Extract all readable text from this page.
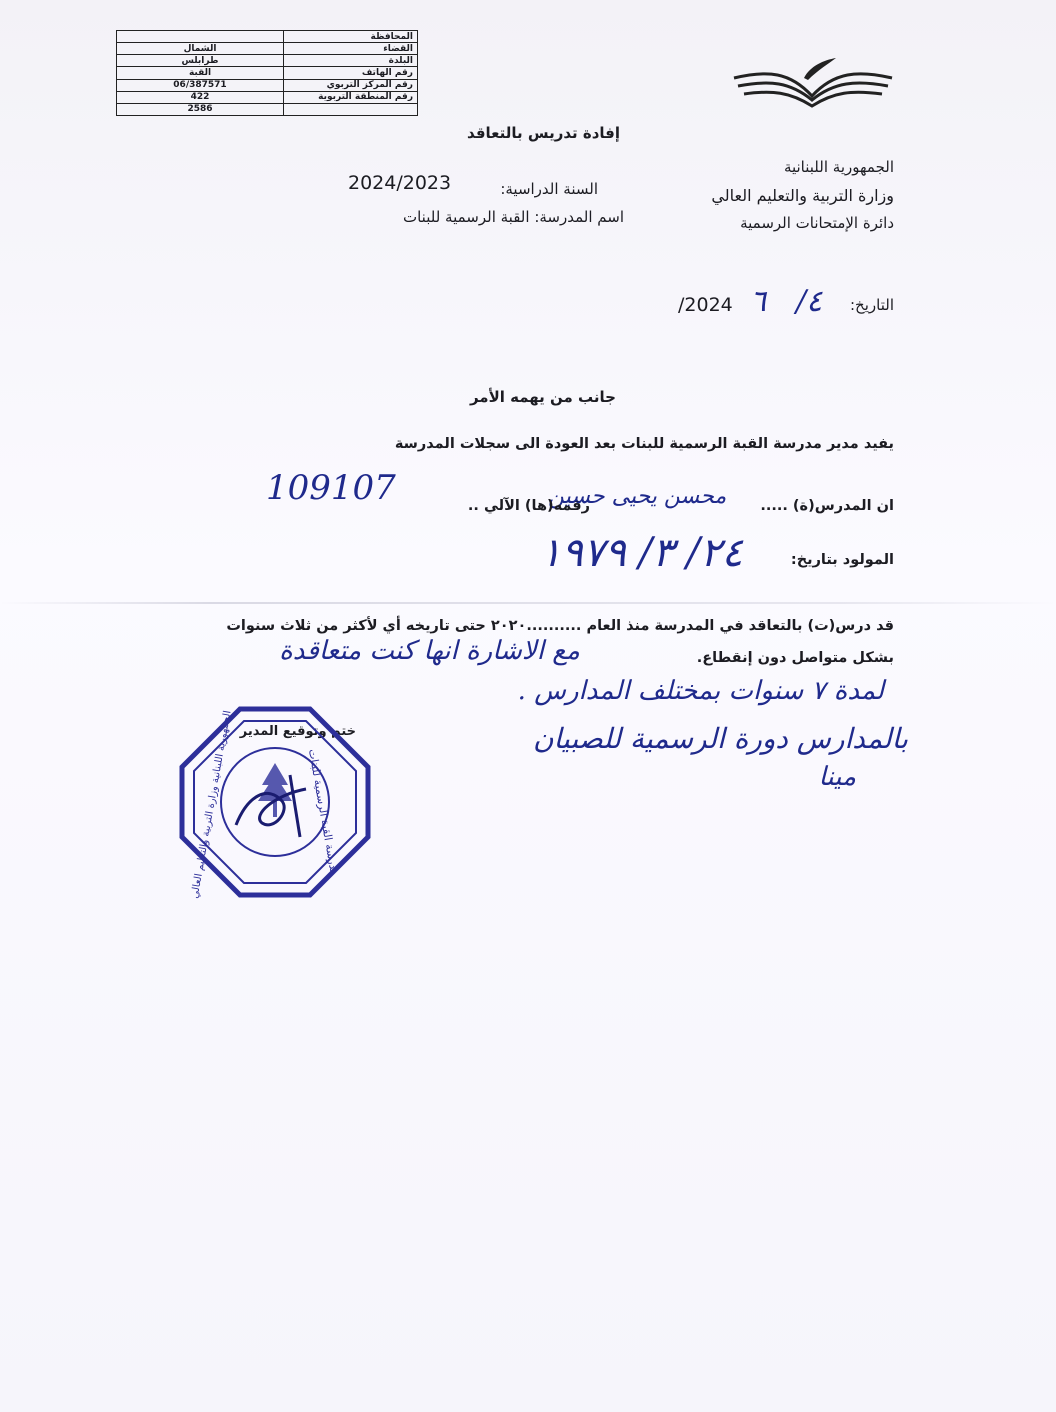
المحافظة	
القضاء	الشمال
البلدة	طرابلس
رقم الهاتف	القبة
رقم المركز التربوي	06/387571
رقم المنطقة التربوية	422
	2586
الجمهورية اللبنانية
وزارة التربية والتعليم العالي
دائرة الإمتحانات الرسمية
إفادة تدريس بالتعاقد
السنة الدراسية:
2024/2023
اسم المدرسة: القبة الرسمية للبنات
التاريخ:
/2024 ٦ ٤/
جانب من يهمه الأمر
يفيد مدير مدرسة القبة الرسمية للبنات بعد العودة الى سجلات المدرسة
ان المدرس(ة) .....
محسن يحيى حسين
رقمه(ها) الآلي ..
109107
المولود بتاريخ:
٢٤/ ٣/ ١٩٧٩
قد درس(ت) بالتعاقد في المدرسة منذ العام ..........٢٠٢٠ حتى تاريخه أي لأكثر من ثلاث سنوات
بشكل متواصل دون إنقطاع.
مع الاشارة انها كنت متعاقدة
لمدة ٧ سنوات بمختلف المدارس .
بالمدارس دورة الرسمية للصبيان
مينا
ختم وتوقيع المدير
مدرسة القبة الرسمية للبنات
الجمهورية اللبنانية وزارة التربية والتعليم العالي
